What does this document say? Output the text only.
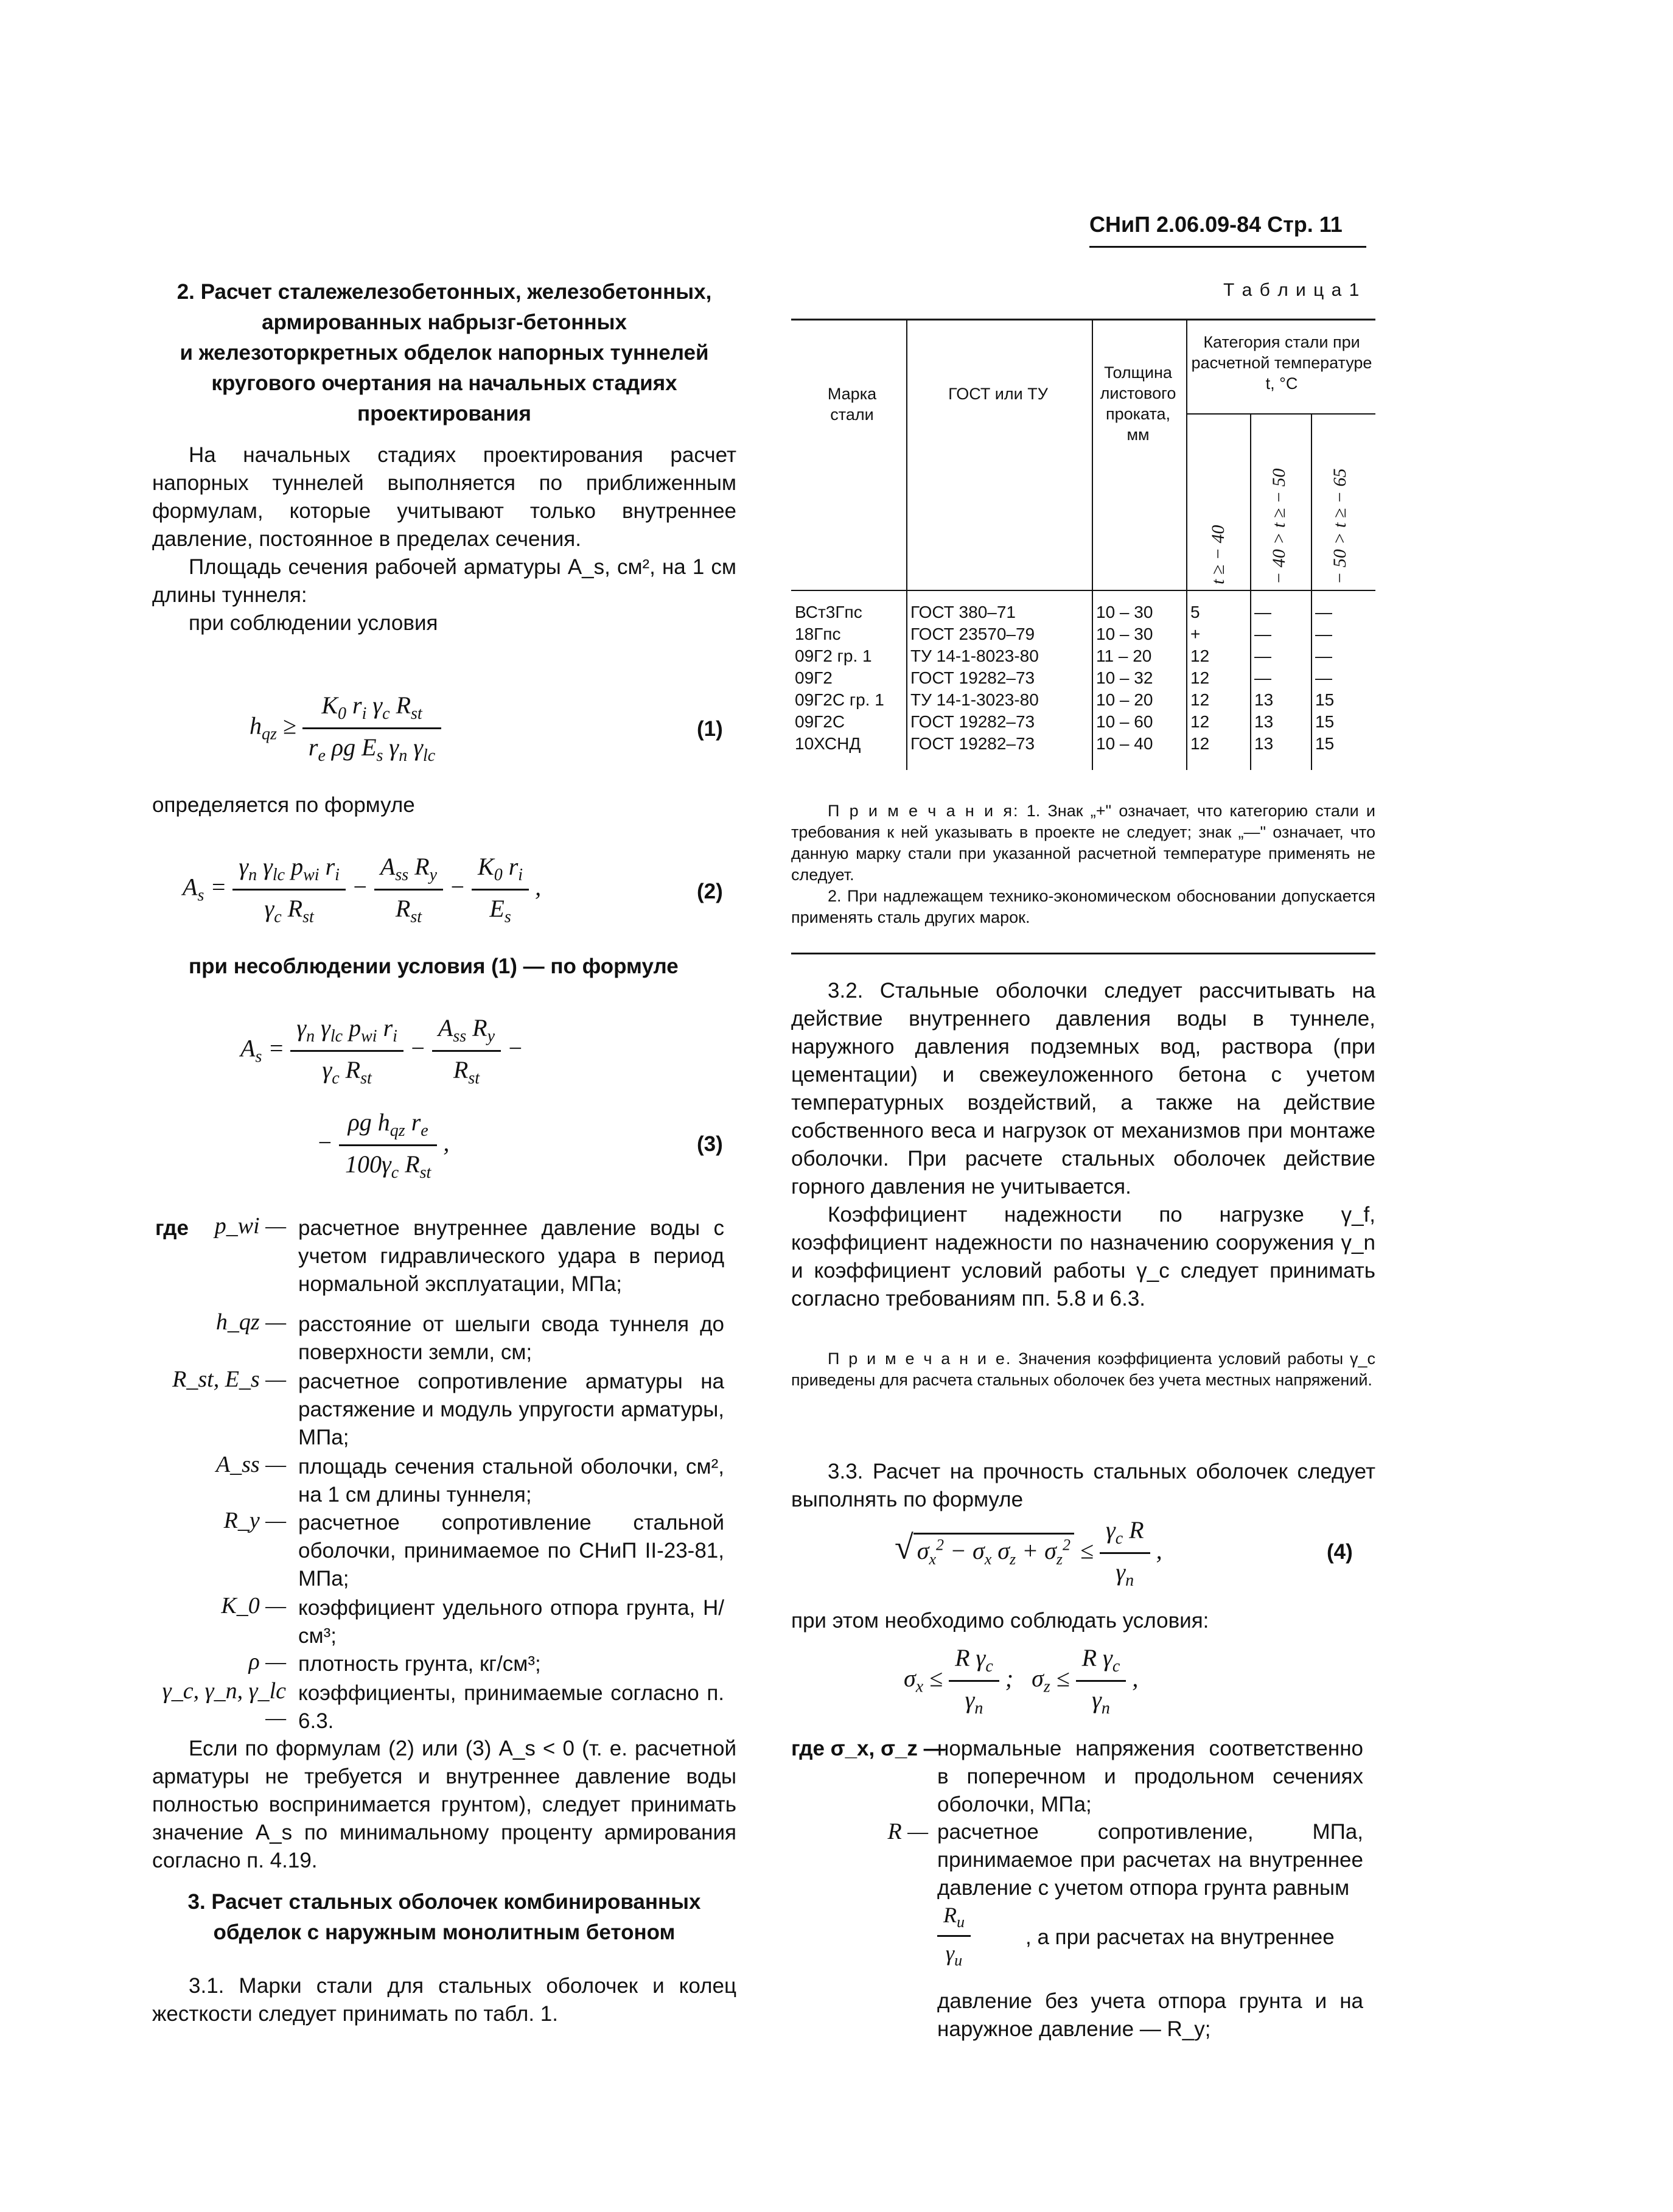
СНиП 2.06.09-84 Стр. 11
2. Расчет сталежелезобетонных, железобетонных,
армированных набрызг-бетонных
и железоторкретных обделок напорных туннелей
кругового очертания на начальных стадиях
проектирования

На начальных стадиях проектирования расчет напорных туннелей выполняется по приближенным формулам, которые учитывают только внутреннее давление, постоянное в пределах сечения.

Площадь сечения рабочей арматуры A_s, см², на 1 см длины туннеля:

при соблюдении условия

$h_{qz} \ge \frac{K_0 r_i \gamma_c R_{st}}{r_e \rho g E_s \gamma_n \gamma_{lc}}$	(1)
определяется по формуле
$A_s = \frac{\gamma_n \gamma_{lc} p_{wi} r_i}{\gamma_c R_{st}} - \frac{A_{ss} R_y}{R_{st}} - \frac{K_0 r_i}{E_s}$ ,	(2)
при несоблюдении условия (1) — по формуле
$A_s = \frac{\gamma_n \gamma_{lc} p_{wi} r_i}{\gamma_c R_{st}} - \frac{A_{ss} R_y}{R_{st}}$ −
− $\frac{\rho g h_{qz} r_e}{100\gamma_c R_{st}}$ ,	(3)
где	p_wi — расчетное внутреннее давление воды с учетом гидравлического удара в период нормальной эксплуатации, МПа;
h_qz — расстояние от шелыги свода туннеля до поверхности земли, см;
R_st, E_s — расчетное сопротивление арматуры на растяжение и модуль упругости арматуры, МПа;
A_ss — площадь сечения стальной оболочки, см², на 1 см длины туннеля;
R_y — расчетное сопротивление стальной оболочки, принимаемое по СНиП II-23-81, МПа;
K_0 — коэффициент удельного отпора грунта, Н/см³;
ρ — плотность грунта, кг/см³;
γ_c, γ_n, γ_lc —
коэффициенты, принимаемые согласно п. 6.3.

Если по формулам (2) или (3) A_s < 0 (т. е. расчетной арматуры не требуется и внутреннее давление воды полностью воспринимается грунтом), следует принимать значение A_s по минимальному проценту армирования согласно п. 4.19.

3. Расчет стальных оболочек комбинированных
обделок с наружным монолитным бетоном

3.1. Марки стали для стальных оболочек и колец жесткости следует принимать по табл. 1.

Т а б л и ц а 1
Марка стали
ГОСТ или ТУ
Толщина листового проката, мм
Категория стали при расчетной температуре t, °C
t ≥ − 40 − 40 > t ≥ − 50 − 50 > t ≥ − 65
ВСт3Гпс	ГОСТ 380–71	10 – 30	5	—	—
18Гпс	ГОСТ 23570–79	10 – 30	+	—	—
09Г2 гр. 1	ТУ 14-1-8023-80	11 – 20	12	—	—
09Г2	ГОСТ 19282–73	10 – 32	12	—	—
09Г2С гр. 1	ТУ 14-1-3023-80	10 – 20	12	13	15
09Г2С	ГОСТ 19282–73	10 – 60	12	13	15
10ХСНД	ГОСТ 19282–73	10 – 40	12	13	15

П р и м е ч а н и я: 1. Знак „+" означает, что категорию стали и требования к ней указывать в проекте не следует; знак „—" означает, что данную марку стали при указанной расчетной температуре применять не следует.

2. При надлежащем технико-экономическом обосновании допускается применять сталь других марок.

3.2. Стальные оболочки следует рассчитывать на действие внутреннего давления воды в туннеле, наружного давления подземных вод, раствора (при цементации) и свежеуложенного бетона с учетом температурных воздействий, а также на действие собственного веса и нагрузок от механизмов при монтаже оболочки. При расчете стальных оболочек действие горного давления не учитывается.

Коэффициент надежности по нагрузке γ_f, коэффициент надежности по назначению сооружения γ_n и коэффициент условий работы γ_c следует принимать согласно требованиям пп. 5.8 и 6.3.

П р и м е ч а н и е. Значения коэффициента условий работы γ_c приведены для расчета стальных оболочек без учета местных напряжений.

3.3. Расчет на прочность стальных оболочек следует выполнять по формуле

√ $\sigma_x^2 - \sigma_x$ $\sigma_z + \sigma_z^2 \le \frac{\gamma_c R}{\gamma_n}$ ,	(4)
при этом необходимо соблюдать условия:
$\sigma_x \le \frac{R \gamma_c}{\gamma_n}$ ;   $\sigma_z \le \frac{R \gamma_c}{\gamma_n}$ ,
где σ_x, σ_z —
нормальные напряжения соответственно в поперечном и продольном сечениях оболочки, МПа;
R — расчетное сопротивление, МПа, принимаемое при расчетах на внутреннее давление с учетом отпора грунта равным
$\frac{R_u}{\gamma_u}$	, а при расчетах на внутреннее
давление без учета отпора грунта и на наружное давление — R_y;
